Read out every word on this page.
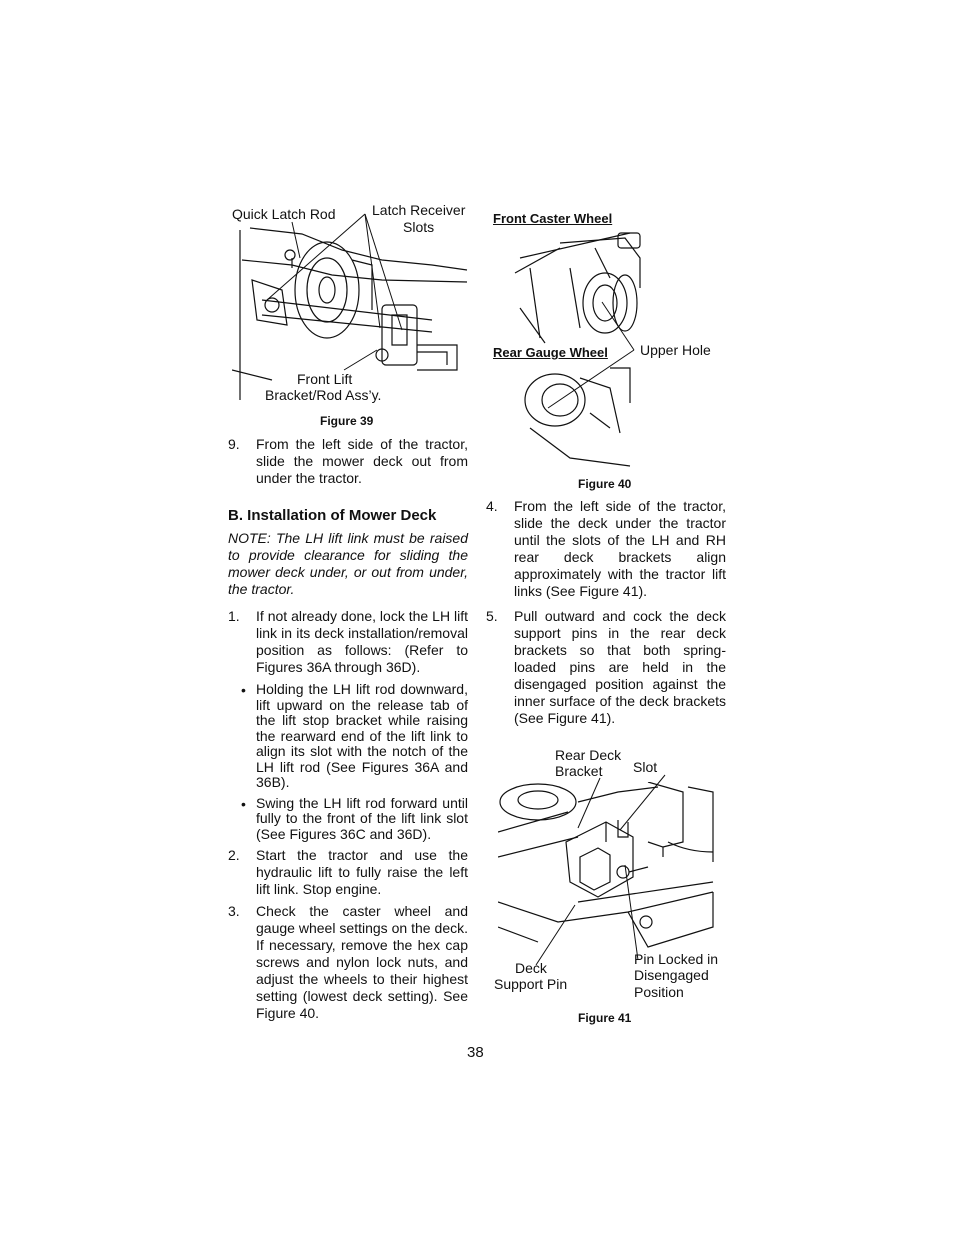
Quick Latch Rod	Latch Receiver
Slots
Front Lift
Bracket/Rod Ass’y.
Figure 39
9. From the left side of the tractor, slide the mower deck out from under the tractor.
B. Installation of Mower Deck
NOTE: The LH lift link must be raised to provide clearance for sliding the mower deck under, or out from under, the tractor.
1. If not already done, lock the LH lift link in its deck installation/removal position as follows: (Refer to Figures 36A through 36D).
• Holding the LH lift rod downward, lift upward on the release tab of the lift stop bracket while raising the rearward end of the lift link to align its slot with the notch of the LH lift rod (See Figures 36A and 36B).
• Swing the LH lift rod forward until fully to the front of the lift link slot (See Figures 36C and 36D).
2. Start the tractor and use the hydraulic lift to fully raise the left lift link. Stop engine.
3. Check the caster wheel and gauge wheel settings on the deck. If necessary, remove the hex cap screws and nylon lock nuts, and adjust the wheels to their highest setting (lowest deck setting). See Figure 40.
Front Caster Wheel
Rear Gauge Wheel Upper Hole
Figure 40
4. From the left side of the tractor, slide the deck under the tractor until the slots of the LH and RH rear deck brackets align approximately with the tractor lift links (See Figure 41).
5. Pull outward and cock the deck support pins in the rear deck brackets so that both spring-loaded pins are held in the disengaged position against the inner surface of the deck brackets (See Figure 41).
Rear Deck
Bracket Slot
Deck
Support Pin
Pin Locked in
Disengaged
Position
Figure 41
38
